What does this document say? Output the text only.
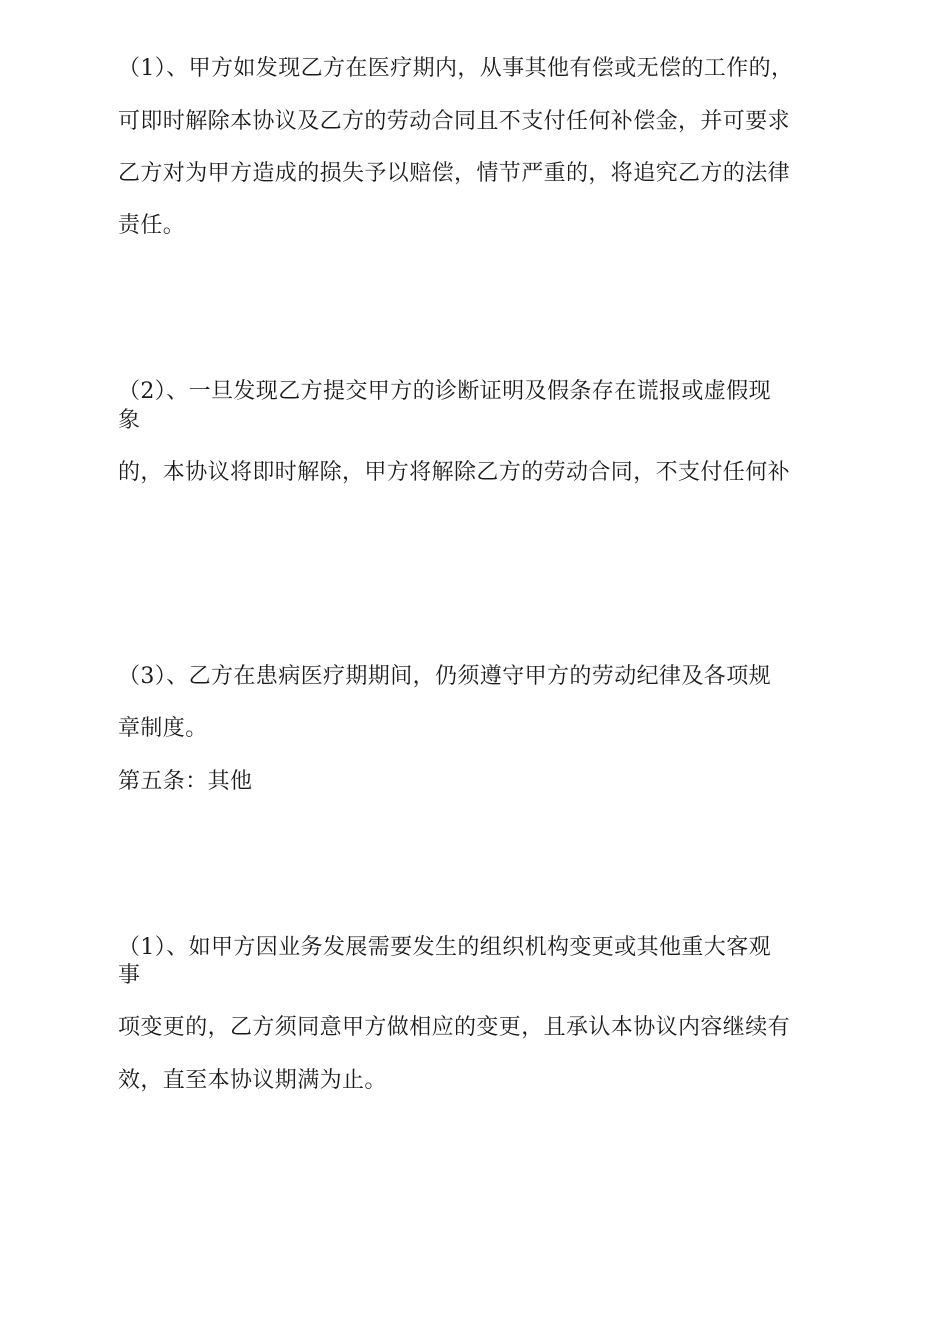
（1）、甲方如发现乙方在医疗期内，从事其他有偿或无偿的工作的，
可即时解除本协议及乙方的劳动合同且不支付任何补偿金，并可要求
乙方对为甲方造成的损失予以赔偿，情节严重的，将追究乙方的法律
责任。
（2）、一旦发现乙方提交甲方的诊断证明及假条存在谎报或虚假现
象
的，本协议将即时解除，甲方将解除乙方的劳动合同，不支付任何补
（3）、乙方在患病医疗期期间，仍须遵守甲方的劳动纪律及各项规
章制度。
第五条：其他
（1）、如甲方因业务发展需要发生的组织机构变更或其他重大客观
事
项变更的，乙方须同意甲方做相应的变更，且承认本协议内容继续有
效，直至本协议期满为止。
